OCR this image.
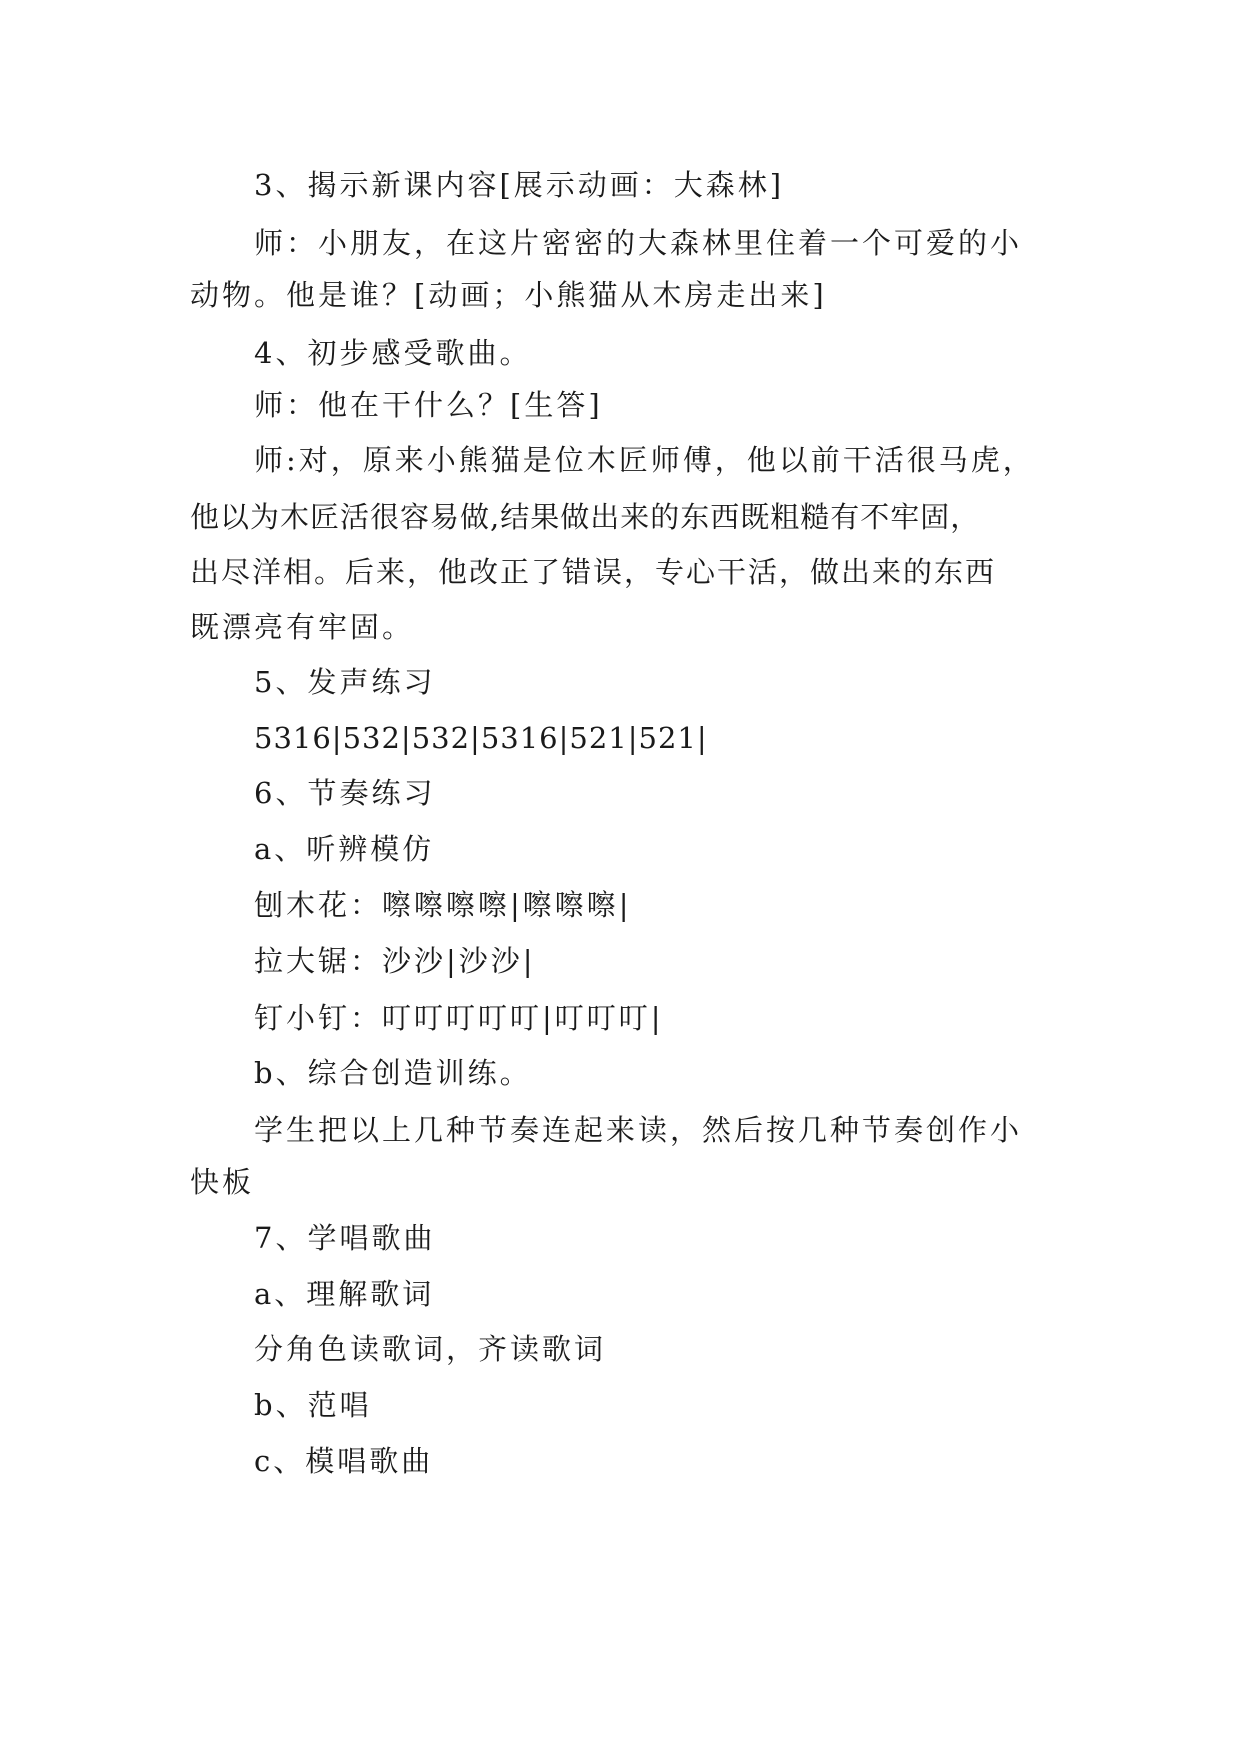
3、揭示新课内容[展示动画：大森林]
师：小朋友，在这片密密的大森林里住着一个可爱的小
动物。他是谁？[动画；小熊猫从木房走出来]
4、初步感受歌曲。
师：他在干什么？[生答]
师:对，原来小熊猫是位木匠师傅，他以前干活很马虎，
他以为木匠活很容易做,结果做出来的东西既粗糙有不牢固，
出尽洋相。后来，他改正了错误，专心干活，做出来的东西
既漂亮有牢固。
5、发声练习
5316|532|532|5316|521|521|
6、节奏练习
a、听辨模仿
刨木花：嚓嚓嚓嚓|嚓嚓嚓|
拉大锯：沙沙|沙沙|
钉小钉：叮叮叮叮叮|叮叮叮|
b、综合创造训练。
学生把以上几种节奏连起来读，然后按几种节奏创作小
快板
7、学唱歌曲
a、理解歌词
分角色读歌词，齐读歌词
b、范唱
c、模唱歌曲
